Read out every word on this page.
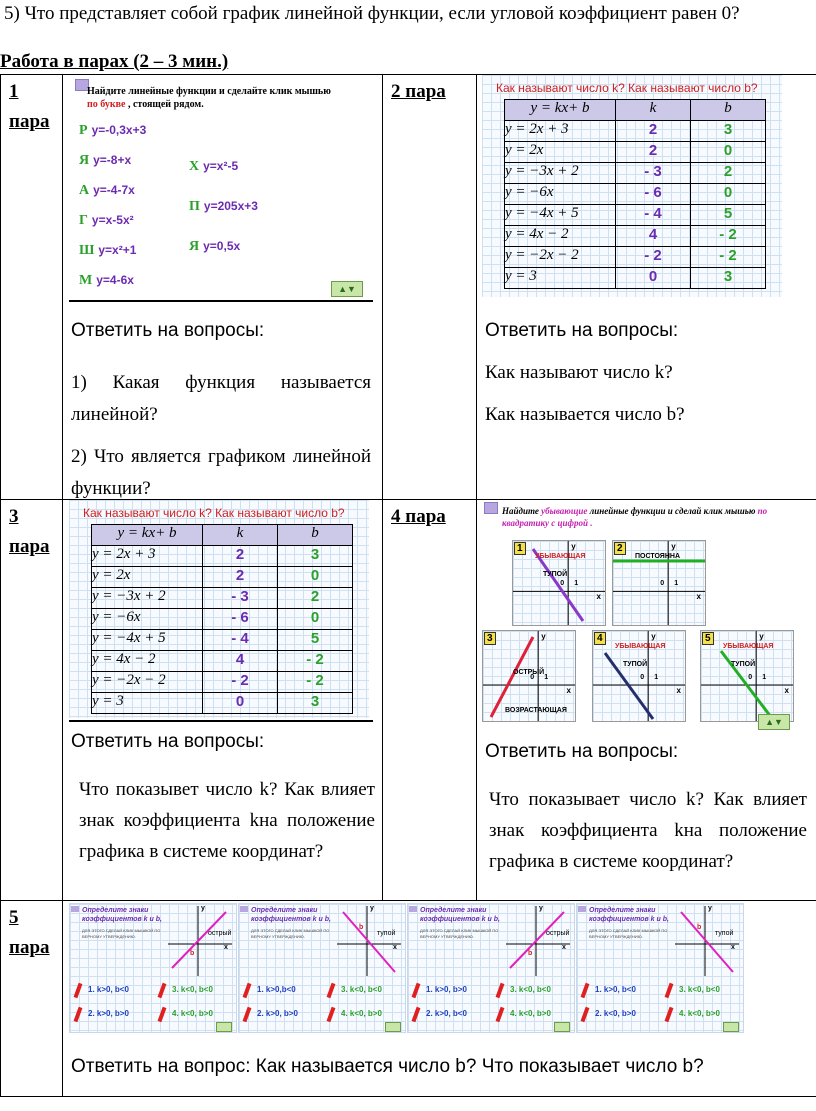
5) Что представляет собой график линейной функции, если угловой коэффициент равен 0?
Работа в парах (2 – 3 мин.)
1 пара

Найдите линейные функции и сделайте клик мышью
по букве , стоящей рядом.
Р y=-0,3x+3
Я y=-8+x
А y=-4-7x
Г y=x-5x²
Ш y=x²+1
М y=4-6x
Х y=x²-5
П y=205x+3
Я y=0,5x
▲▼
Ответить на вопросы:
1) Какая функция называется линейной?
2) Что является графиком линейной функции?

2 пара	Как называют число k? Как называют число b?
y = kx+ b	k	b
y = 2x + 3	2	3
y = 2x	2	0
y = −3x + 2	- 3	2
y = −6x	- 6	0
y = −4x + 5	- 4	5
y = 4x − 2	4	- 2
y = −2x − 2	- 2	- 2
y = 3	0	3
Ответить на вопросы:
Как называют число k?
Как называется число b?

3 пара

Как называют число k? Как называют число b?
y = kx+ b	k	b
y = 2x + 3	2	3
y = 2x	2	0
y = −3x + 2	- 3	2
y = −6x	- 6	0
y = −4x + 5	- 4	5
y = 4x − 2	4	- 2
y = −2x − 2	- 2	- 2
y = 3	0	3
Ответить на вопросы:
Что показывет число k? Как влияет знак коэффициента kна положение графика в системе координат?

4 пара	Найдите убывающие линейные функции и сделай клик мышью по квадратику с цифрой .
1
УБЫВАЮЩАЯ
ТУПОЙ
x
y
0 1
2
ПОСТОЯННА
x
y
0 1
3
ВОЗРАСТАЮЩАЯ
ОСТРЫЙ
x
y
0 1
4
УБЫВАЮЩАЯ
ТУПОЙ
x
y
0 1
5
УБЫВАЮЩАЯ
ТУПОЙ
x
y
0 1
▲▼
Ответить на вопросы:
Что показывает число k? Как влияет знак коэффициента kна положение графика в системе координат?

5 пара

Определите знаки коэффициентов k и b,
ДЛЯ ЭТОГО СДЕЛАЙ КЛИК МЫШКОЙ ПО ВЕРНОМУ УТВЕРЖДЕНИЮ.
x
y
b
острый
1. k>0, b<0	3. k<0, b<0
2. k>0, b>0	4. k<0, b>0
Определите знаки коэффициентов k и b,
ДЛЯ ЭТОГО СДЕЛАЙ КЛИК МЫШКОЙ ПО ВЕРНОМУ УТВЕРЖДЕНИЮ.
x
y
b
тупой
1. k>0,b<0	3. k<0, b<0
2. k>0, b>0	4. k<0, b>0
Определите знаки коэффициентов k и b,
ДЛЯ ЭТОГО СДЕЛАЙ КЛИК МЫШКОЙ ПО ВЕРНОМУ УТВЕРЖДЕНИЮ.
x
y
b
острый
1. k>0, b>0	3. k<0, b<0
2. k>0, b<0	4. k<0, b>0
Определите знаки коэффициентов k и b,
ДЛЯ ЭТОГО СДЕЛАЙ КЛИК МЫШКОЙ ПО ВЕРНОМУ УТВЕРЖДЕНИЮ.
x
y
b
тупой
1. k>0, b<0	3. k<0, b<0
2. k<0, b>0	4. k<0, b>0
Ответить на вопрос: Как называется число b? Что показывает число b?
